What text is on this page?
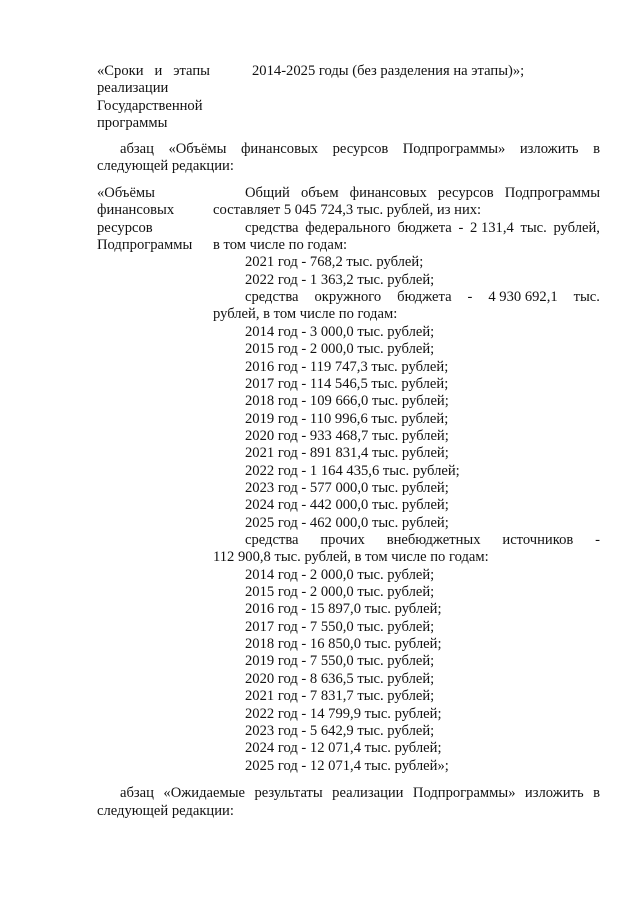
«Сроки   и   этапы
реализации
Государственной
программы
2014-2025 годы (без разделения на этапы)»;
абзац «Объёмы финансовых ресурсов Подпрограммы» изложить в
следующей редакции:
«Объёмы
финансовых
ресурсов
Подпрограммы
Общий объем финансовых ресурсов Подпрограммы
составляет 5 045 724,3 тыс. рублей, из них:
средства федерального бюджета - 2 131,4 тыс. рублей,
в том числе по годам:
2021 год - 768,2 тыс. рублей;
2022 год - 1 363,2 тыс. рублей;
средства окружного бюджета - 4 930 692,1 тыс.
рублей, в том числе по годам:
2014 год - 3 000,0 тыс. рублей;
2015 год - 2 000,0 тыс. рублей;
2016 год - 119 747,3 тыс. рублей;
2017 год - 114 546,5 тыс. рублей;
2018 год - 109 666,0 тыс. рублей;
2019 год - 110 996,6 тыс. рублей;
2020 год - 933 468,7 тыс. рублей;
2021 год - 891 831,4 тыс. рублей;
2022 год - 1 164 435,6 тыс. рублей;
2023 год - 577 000,0 тыс. рублей;
2024 год - 442 000,0 тыс. рублей;
2025 год - 462 000,0 тыс. рублей;
средства прочих внебюджетных источников -
112 900,8 тыс. рублей, в том числе по годам:
2014 год - 2 000,0 тыс. рублей;
2015 год - 2 000,0 тыс. рублей;
2016 год - 15 897,0 тыс. рублей;
2017 год - 7 550,0 тыс. рублей;
2018 год - 16 850,0 тыс. рублей;
2019 год - 7 550,0 тыс. рублей;
2020 год - 8 636,5 тыс. рублей;
2021 год - 7 831,7 тыс. рублей;
2022 год - 14 799,9 тыс. рублей;
2023 год - 5 642,9 тыс. рублей;
2024 год - 12 071,4 тыс. рублей;
2025 год - 12 071,4 тыс. рублей»;
абзац «Ожидаемые результаты реализации Подпрограммы» изложить в
следующей редакции:
